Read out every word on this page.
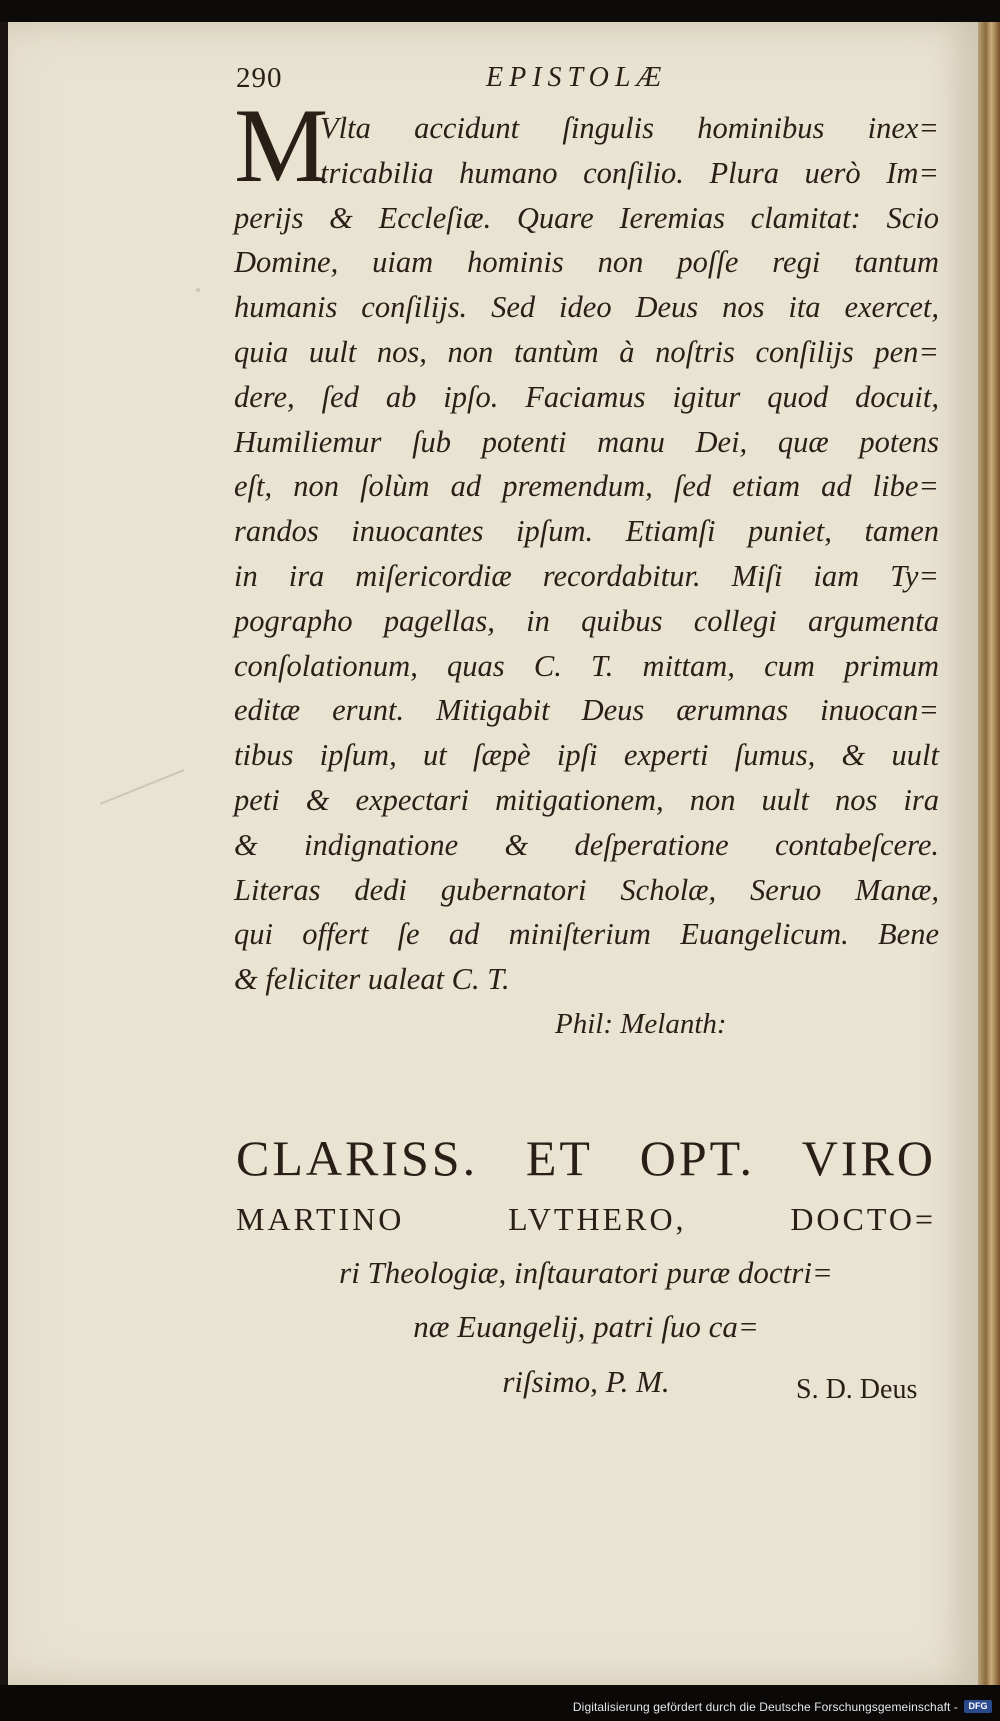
290	EPISTOLÆ
M
Vlta accidunt ſingulis hominibus inex=
tricabilia humano conſilio. Plura uerò Im=
perijs & Eccleſiæ. Quare Ieremias clamitat: Scio
Domine, uiam hominis non poſſe regi tantum
humanis conſilijs. Sed ideo Deus nos ita exercet,
quia uult nos, non tantùm à noſtris conſilijs pen=
dere, ſed ab ipſo. Faciamus igitur quod docuit,
Humiliemur ſub potenti manu Dei, quæ potens
eſt, non ſolùm ad premendum, ſed etiam ad libe=
randos inuocantes ipſum. Etiamſi puniet, tamen
in ira miſericordiæ recordabitur. Miſi iam Ty=
pographo pagellas, in quibus collegi argumenta
conſolationum, quas C. T. mittam, cum primum
editæ erunt. Mitigabit Deus ærumnas inuocan=
tibus ipſum, ut ſæpè ipſi experti ſumus, & uult
peti & expectari mitigationem, non uult nos ira
& indignatione & deſperatione contabeſcere.
Literas dedi gubernatori Scholæ, Seruo Manæ,
qui offert ſe ad miniſterium Euangelicum. Bene
& feliciter ualeat C. T.
Phil: Melanth:
CLARISS. ET OPT. VIRO
MARTINO LVTHERO, DOCTO=
ri Theologiæ, inſtauratori puræ doctri=
næ Euangelij, patri ſuo ca=
riſsimo, P. M.	S. D. Deus
Digitalisierung gefördert durch die Deutsche Forschungsgemeinschaft -	DFG
